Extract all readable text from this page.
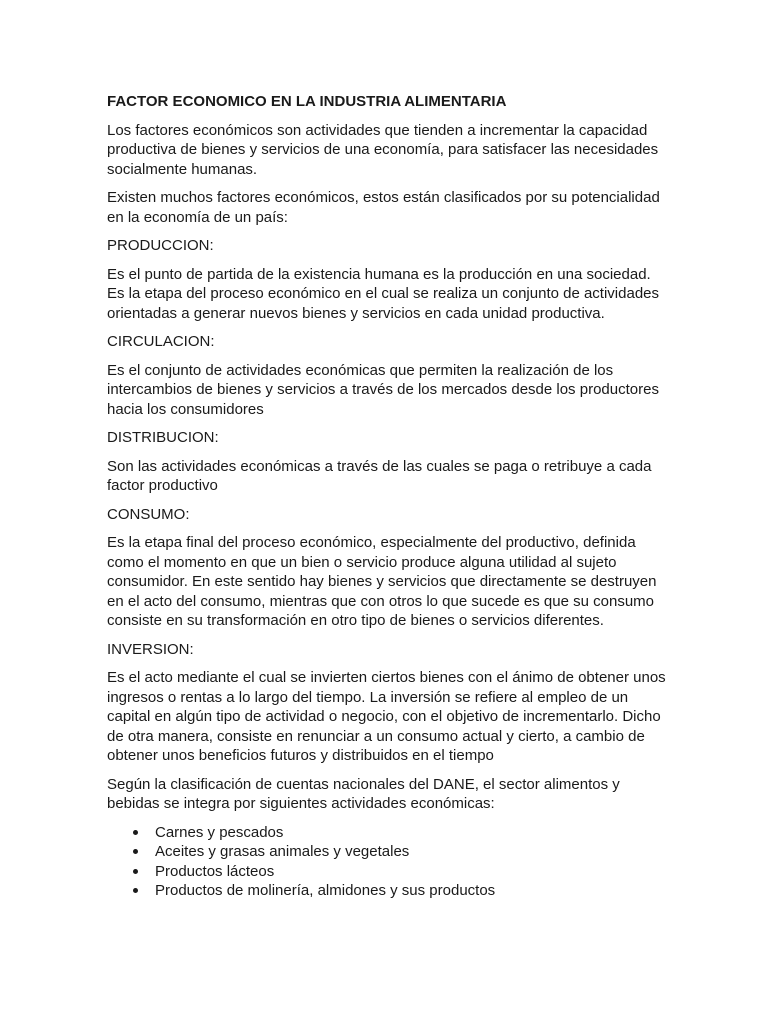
FACTOR ECONOMICO EN LA INDUSTRIA ALIMENTARIA
Los factores económicos son actividades que tienden a incrementar la capacidad productiva de bienes y servicios de una economía, para satisfacer las necesidades socialmente humanas.
Existen muchos factores económicos, estos están clasificados por su potencialidad en la economía de un país:
PRODUCCION:
Es el punto de partida de la existencia humana es la producción en una sociedad. Es la etapa del proceso económico en el cual se realiza un conjunto de actividades orientadas a generar nuevos bienes y servicios en cada unidad productiva.
CIRCULACION:
Es el conjunto de actividades económicas que permiten la realización de los intercambios de bienes y servicios a través de los mercados desde los productores hacia los consumidores
DISTRIBUCION:
Son las actividades económicas a través de las cuales se paga o retribuye a cada factor productivo
CONSUMO:
Es la etapa final del proceso económico, especialmente del productivo, definida como el momento en que un bien o servicio produce alguna utilidad al sujeto consumidor. En este sentido hay bienes y servicios que directamente se destruyen en el acto del consumo, mientras que con otros lo que sucede es que su consumo consiste en su transformación en otro tipo de bienes o servicios diferentes.
INVERSION:
Es el acto mediante el cual se invierten ciertos bienes con el ánimo de obtener unos ingresos o rentas a lo largo del tiempo. La inversión se refiere al empleo de un capital en algún tipo de actividad o negocio, con el objetivo de incrementarlo. Dicho de otra manera, consiste en renunciar a un consumo actual y cierto, a cambio de obtener unos beneficios futuros y distribuidos en el tiempo
Según la clasificación de cuentas nacionales del DANE, el sector alimentos y bebidas se integra por siguientes actividades económicas:
Carnes y pescados
Aceites y grasas animales y vegetales
Productos lácteos
Productos de molinería, almidones y sus productos
